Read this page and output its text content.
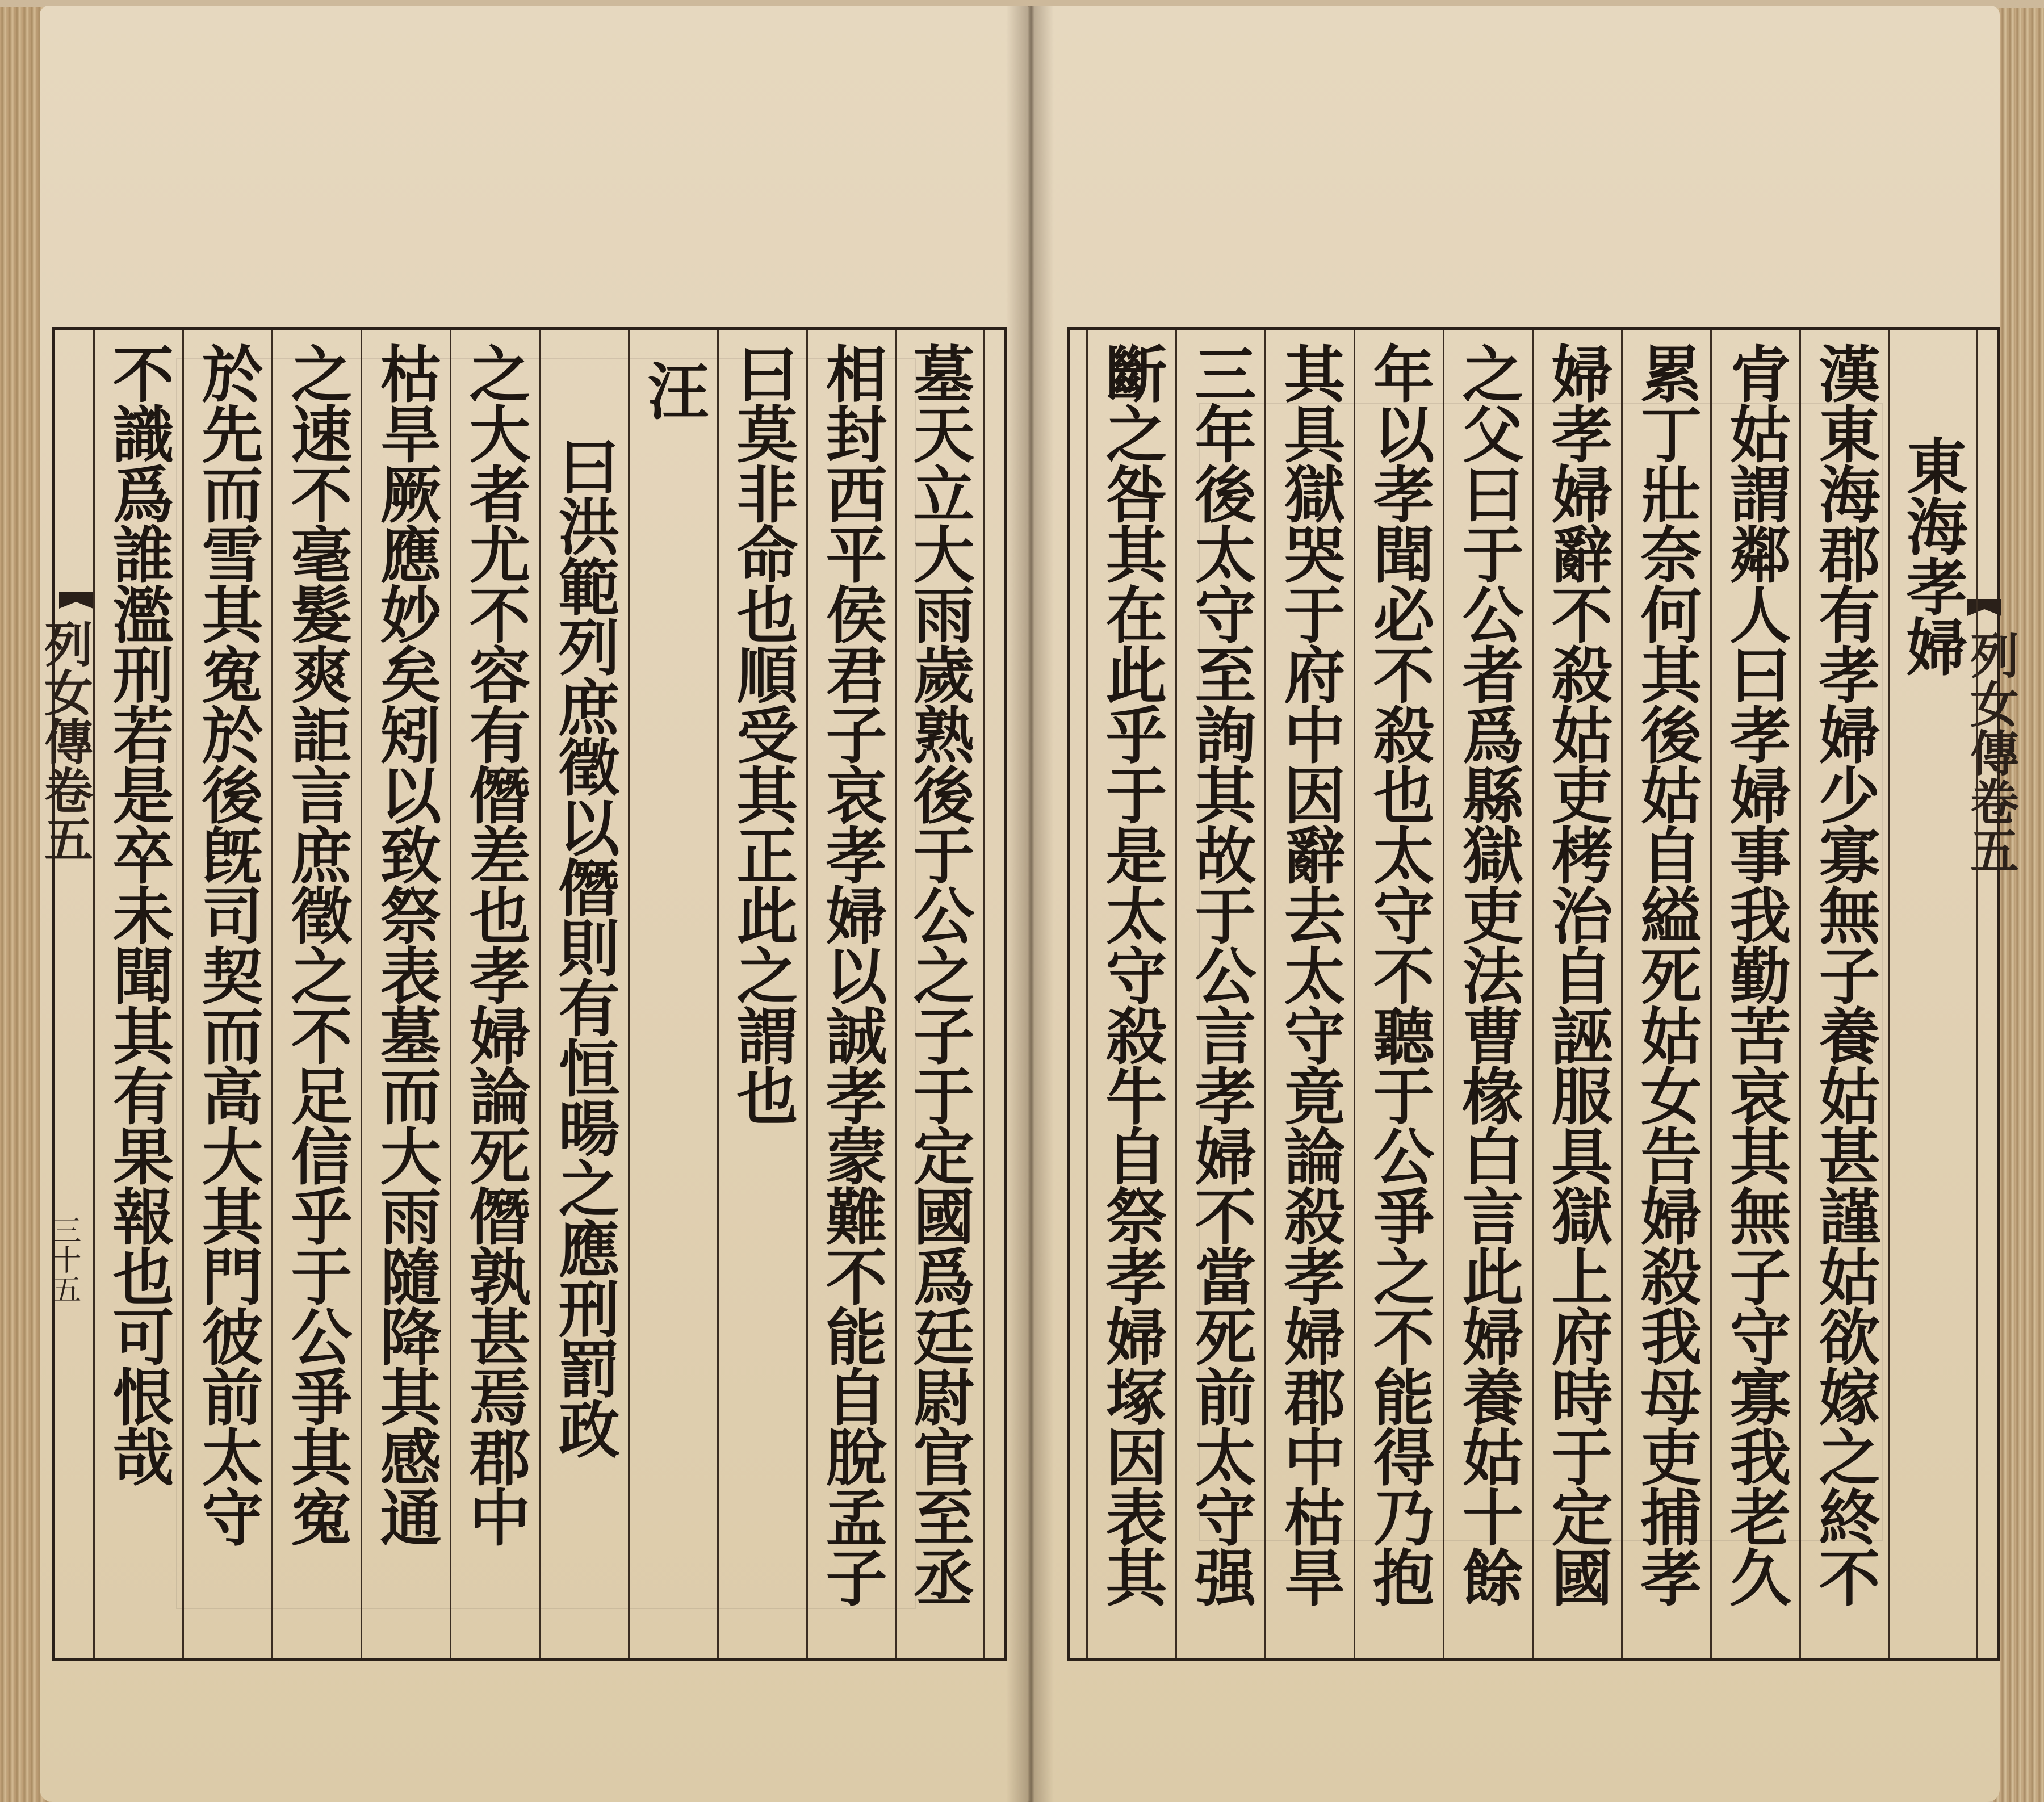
列女傳卷五
三十五
列女傳卷五
墓天立大雨歲熟後于公之子于定國爲廷尉官至丞
相封西平侯君子哀孝婦以誠孝蒙難不能自脫孟子
曰莫非命也順受其正此之謂也
汪
曰洪範列庶徵以僭則有恒暘之應刑罰政
之大者尤不容有僭差也孝婦論死僭孰甚焉郡中
枯旱厥應妙矣矧以致祭表墓而大雨隨降其感通
之速不毫髮爽詎言庶徵之不足信乎于公爭其寃
於先而雪其寃於後旣司契而高大其門彼前太守
不識爲誰濫刑若是卒未聞其有果報也可恨哉	東海孝婦
漢東海郡有孝婦少寡無子養姑甚謹姑欲嫁之終不
肻姑謂鄰人曰孝婦事我勤苦哀其無子守寡我老久
累丁壯奈何其後姑自縊死姑女告婦殺我母吏捕孝
婦孝婦辭不殺姑吏栲治自誣服具獄上府時于定國
之父曰于公者爲縣獄吏法曹椽白言此婦養姑十餘
年以孝聞必不殺也太守不聽于公爭之不能得乃抱
其具獄哭于府中因辭去太守竟論殺孝婦郡中枯旱
三年後太守至詢其故于公言孝婦不當死前太守强
斷之咎其在此乎于是太守殺牛自祭孝婦塚因表其
